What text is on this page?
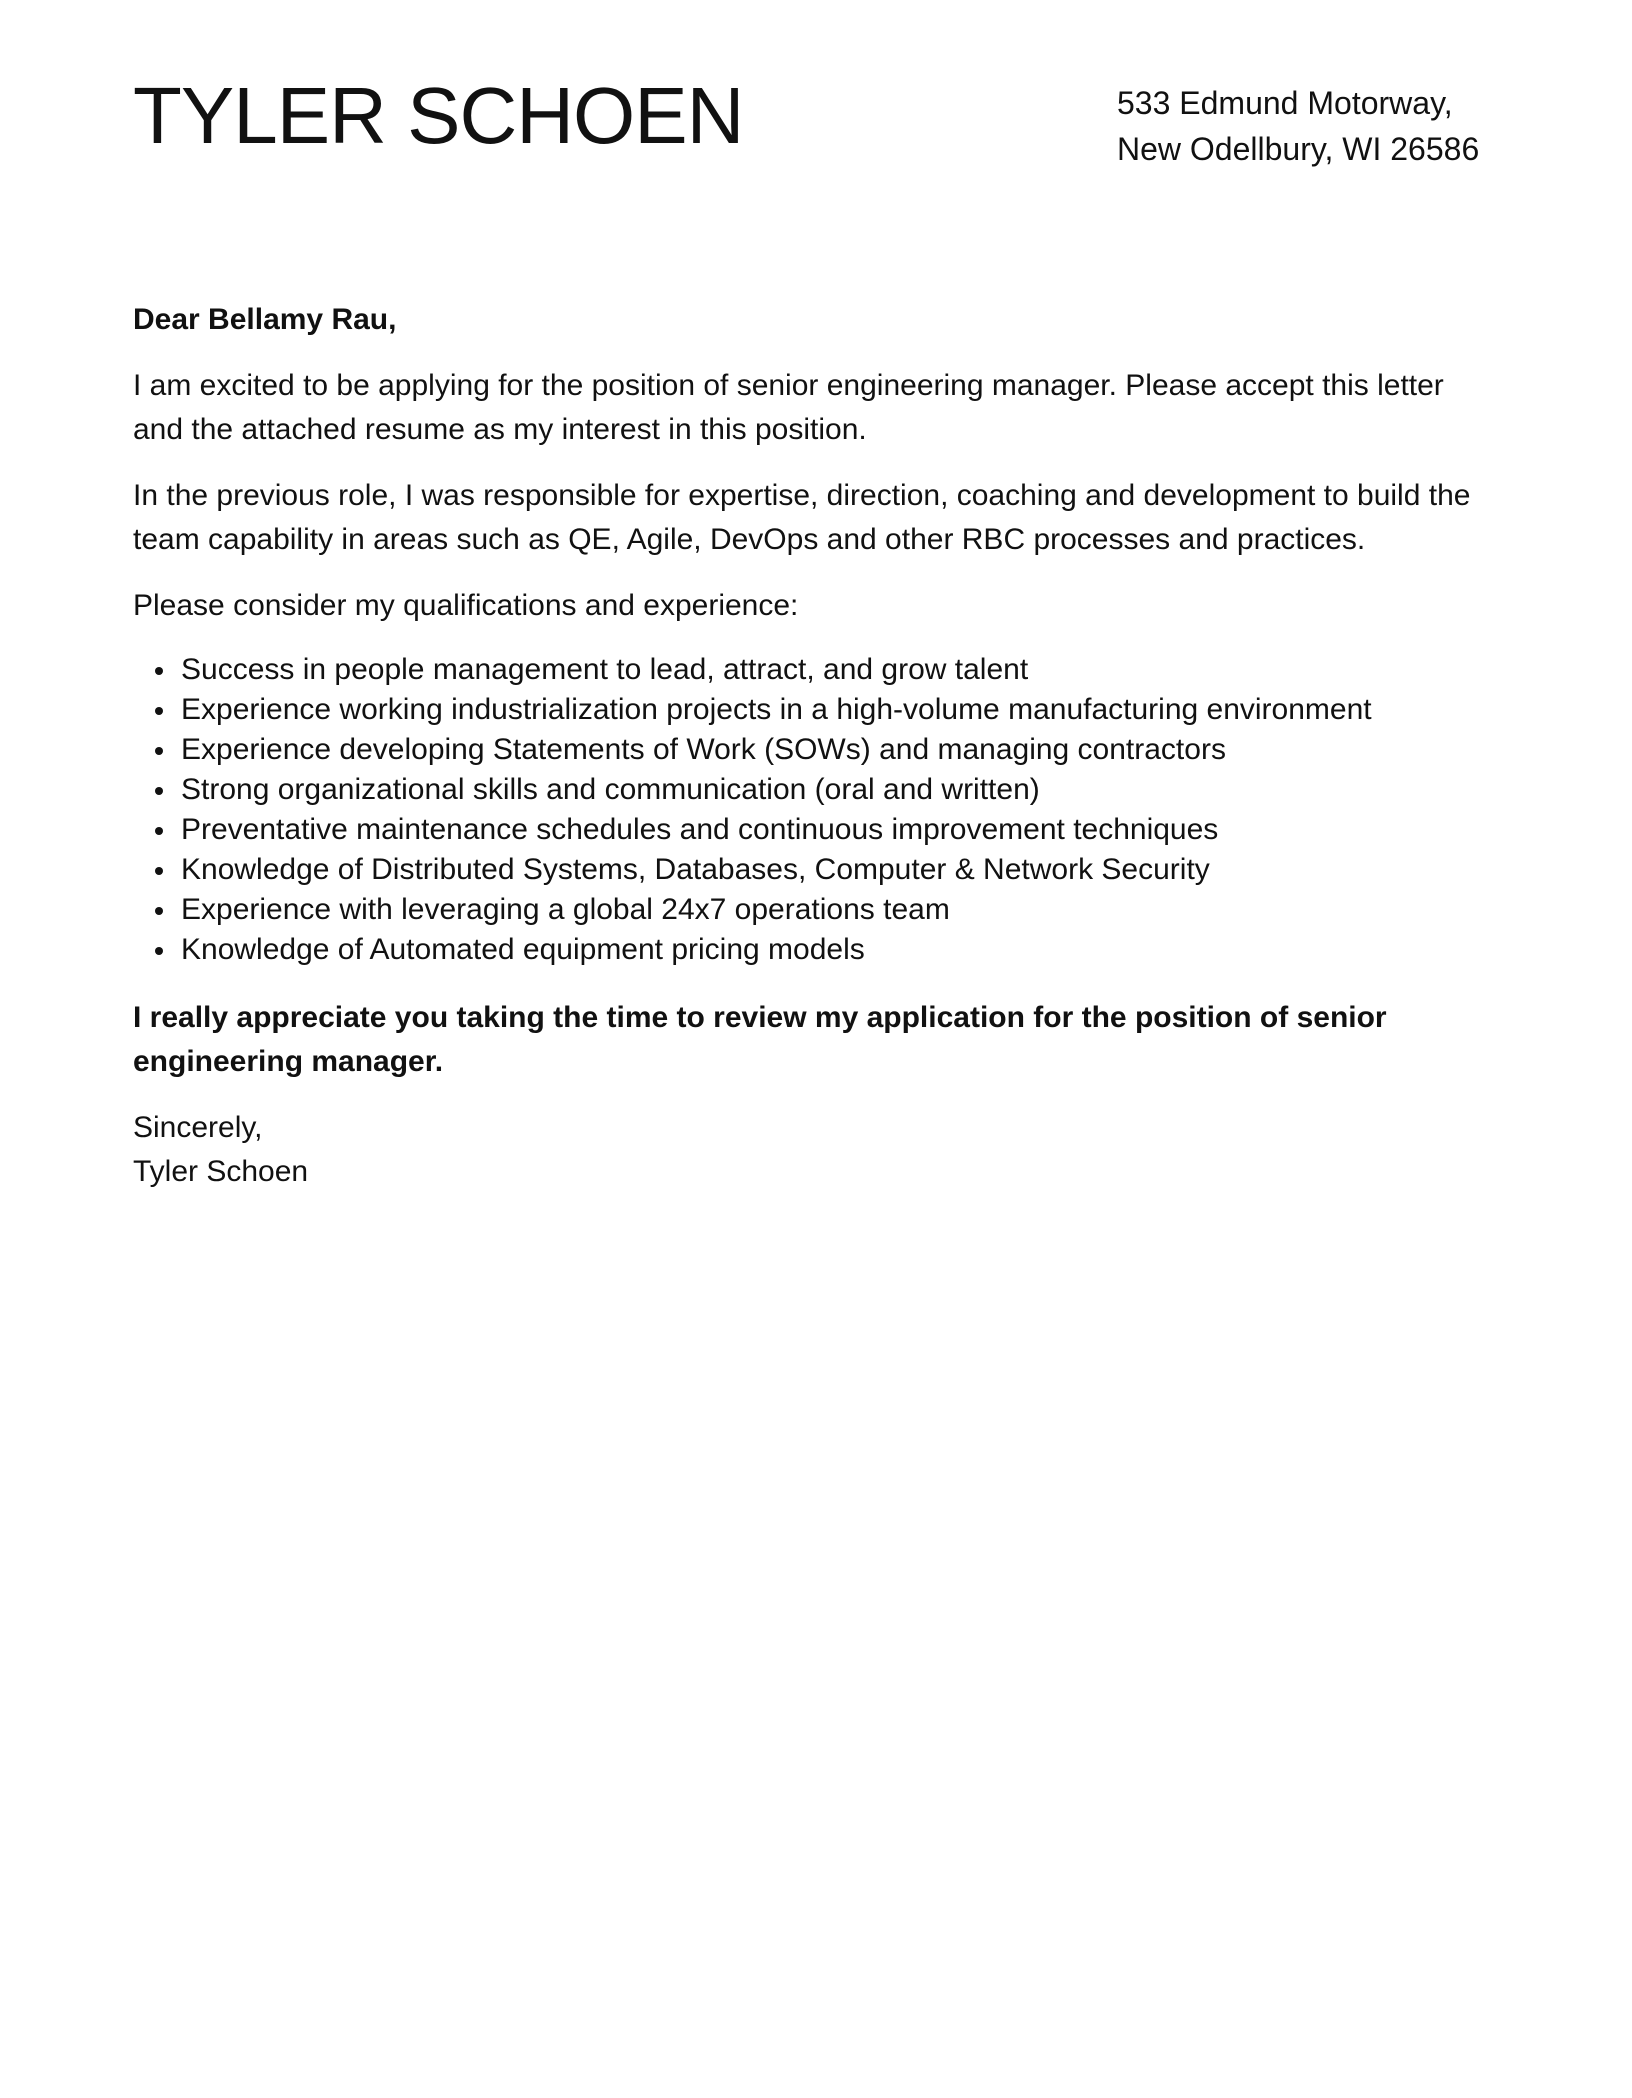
TYLER SCHOEN	533 Edmund Motorway,
New Odellbury, WI 26586

Dear Bellamy Rau,

I am excited to be applying for the position of senior engineering manager. Please accept this letter and the attached resume as my interest in this position.

In the previous role, I was responsible for expertise, direction, coaching and development to build the team capability in areas such as QE, Agile, DevOps and other RBC processes and practices.

Please consider my qualifications and experience:

Success in people management to lead, attract, and grow talent
Experience working industrialization projects in a high-volume manufacturing environment
Experience developing Statements of Work (SOWs) and managing contractors
Strong organizational skills and communication (oral and written)
Preventative maintenance schedules and continuous improvement techniques
Knowledge of Distributed Systems, Databases, Computer & Network Security
Experience with leveraging a global 24x7 operations team
Knowledge of Automated equipment pricing models

I really appreciate you taking the time to review my application for the position of senior engineering manager.

Sincerely,
Tyler Schoen
